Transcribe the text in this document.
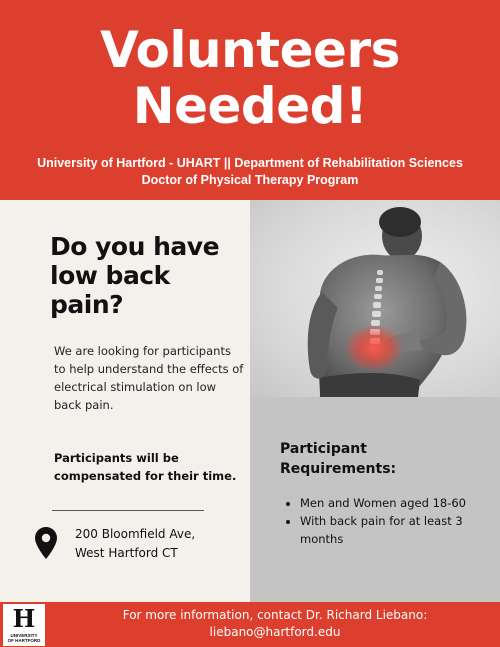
Volunteers
Needed!
University of Hartford - UHART || Department of Rehabilitation Sciences
Doctor of Physical Therapy Program
Do you have low back pain?
We are looking for participants to help understand the effects of electrical stimulation on low back pain.
Participants will be compensated for their time.
200 Bloomfield Ave,
West Hartford CT
Participant Requirements:
• Men and Women aged 18-60
• With back pain for at least 3 months
H
UNIVERSITY
OF HARTFORD
For more information, contact Dr. Richard Liebano:
liebano@hartford.edu
